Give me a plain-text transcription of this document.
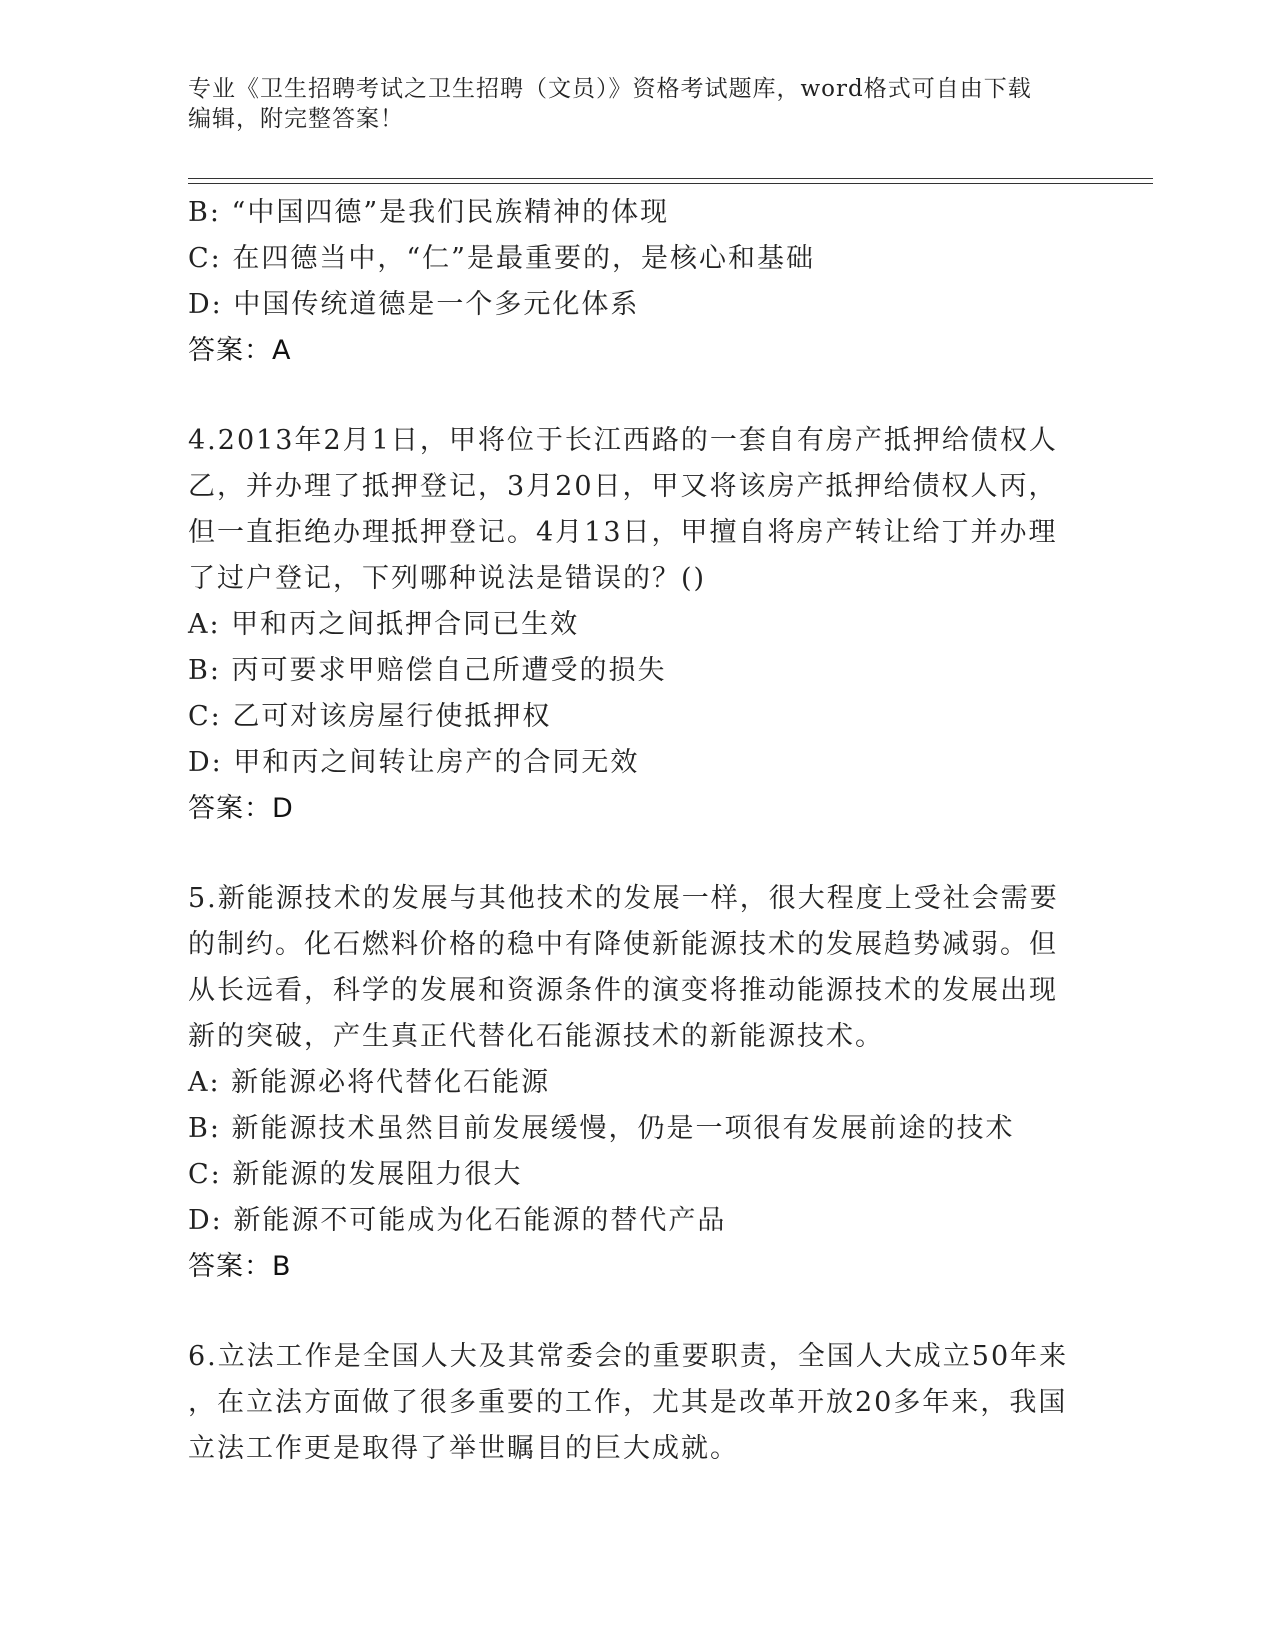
专业《卫生招聘考试之卫生招聘（文员）》资格考试题库，word格式可自由下载
编辑，附完整答案！
B: “中国四德”是我们民族精神的体现
C: 在四德当中，“仁”是最重要的，是核心和基础
D: 中国传统道德是一个多元化体系
答案：A
4.2013年2月1日，甲将位于长江西路的一套自有房产抵押给债权人
乙，并办理了抵押登记，3月20日，甲又将该房产抵押给债权人丙，
但一直拒绝办理抵押登记。4月13日，甲擅自将房产转让给丁并办理
了过户登记，下列哪种说法是错误的？()
A: 甲和丙之间抵押合同已生效
B: 丙可要求甲赔偿自己所遭受的损失
C: 乙可对该房屋行使抵押权
D: 甲和丙之间转让房产的合同无效
答案：D
5.新能源技术的发展与其他技术的发展一样，很大程度上受社会需要
的制约。化石燃料价格的稳中有降使新能源技术的发展趋势减弱。但
从长远看，科学的发展和资源条件的演变将推动能源技术的发展出现
新的突破，产生真正代替化石能源技术的新能源技术。
A: 新能源必将代替化石能源
B: 新能源技术虽然目前发展缓慢，仍是一项很有发展前途的技术
C: 新能源的发展阻力很大
D: 新能源不可能成为化石能源的替代产品
答案：B
6.立法工作是全国人大及其常委会的重要职责，全国人大成立50年来
，在立法方面做了很多重要的工作，尤其是改革开放20多年来，我国
立法工作更是取得了举世瞩目的巨大成就。
